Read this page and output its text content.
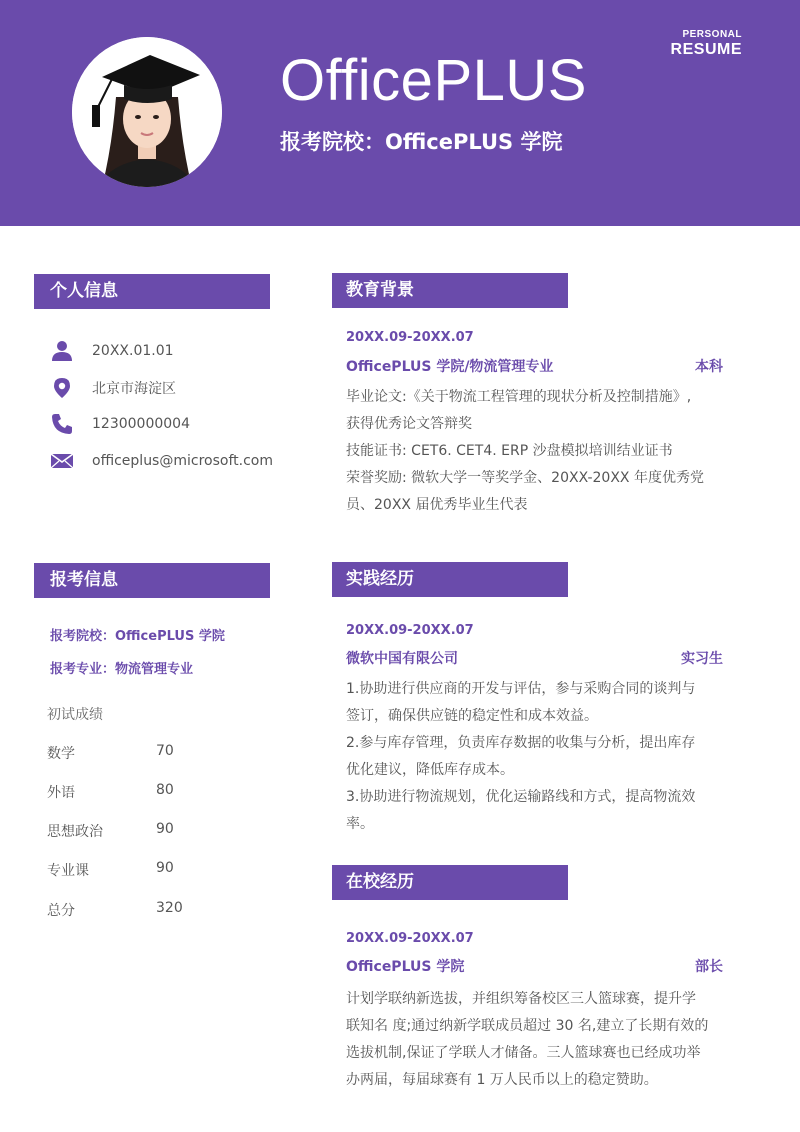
OfficePLUS
报考院校：OfficePLUS 学院
PERSONAL
RESUME
个人信息
20XX.01.01
北京市海淀区
12300000004
officeplus@microsoft.com
报考信息
报考院校：OfficePLUS 学院
报考专业：物流管理专业
初试成绩
数学	70
外语	80
思想政治	90
专业课	90
总分	320
教育背景
20XX.09-20XX.07
OfficePLUS 学院/物流管理专业	本科
毕业论文:《关于物流工程管理的现状分析及控制措施》,
获得优秀论文答辩奖
技能证书: CET6. CET4. ERP 沙盘模拟培训结业证书
荣誉奖励: 微软大学一等奖学金、20XX-20XX 年度优秀党
员、20XX 届优秀毕业生代表
实践经历
20XX.09-20XX.07
微软中国有限公司	实习生
1.协助进行供应商的开发与评估，参与采购合同的谈判与
签订，确保供应链的稳定性和成本效益。
2.参与库存管理，负责库存数据的收集与分析，提出库存
优化建议，降低库存成本。
3.协助进行物流规划，优化运输路线和方式，提高物流效
率。
在校经历
20XX.09-20XX.07
OfficePLUS 学院	部长
计划学联纳新选拔，并组织筹备校区三人篮球赛，提升学
联知名 度;通过纳新学联成员超过 30 名,建立了长期有效的
选拔机制,保证了学联人才储备。三人篮球赛也已经成功举
办两届，每届球赛有 1 万人民币以上的稳定赞助。
